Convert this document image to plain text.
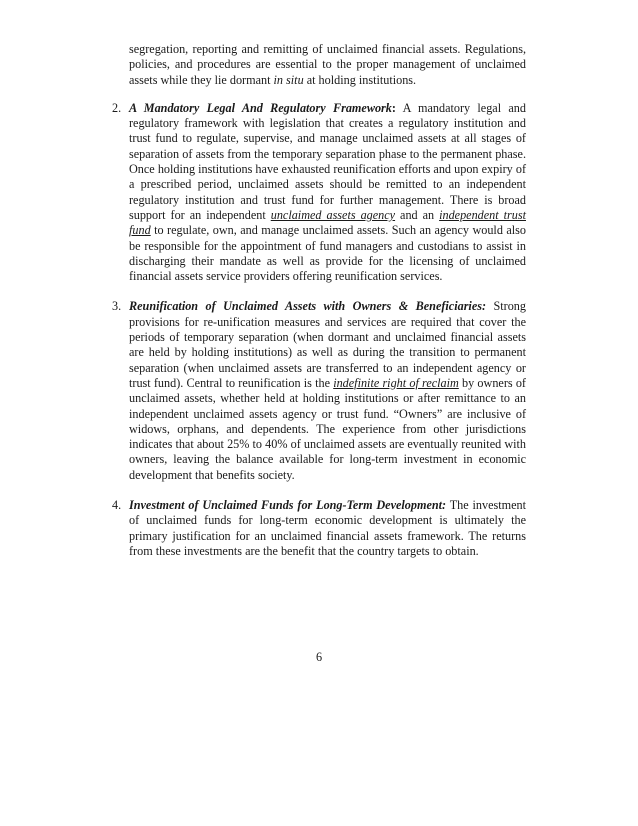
segregation, reporting and remitting of unclaimed financial assets. Regulations, policies, and procedures are essential to the proper management of unclaimed assets while they lie dormant in situ at holding institutions.

2. A Mandatory Legal And Regulatory Framework: A mandatory legal and regulatory framework with legislation that creates a regulatory institution and trust fund to regulate, supervise, and manage unclaimed assets at all stages of separation of assets from the temporary separation phase to the permanent phase. Once holding institutions have exhausted reunification efforts and upon expiry of a prescribed period, unclaimed assets should be remitted to an independent regulatory institution and trust fund for further management. There is broad support for an independent unclaimed assets agency and an independent trust fund to regulate, own, and manage unclaimed assets. Such an agency would also be responsible for the appointment of fund managers and custodians to assist in discharging their mandate as well as provide for the licensing of unclaimed financial assets service providers offering reunification services.

3. Reunification of Unclaimed Assets with Owners & Beneficiaries: Strong provisions for re-unification measures and services are required that cover the periods of temporary separation (when dormant and unclaimed financial assets are held by holding institutions) as well as during the transition to permanent separation (when unclaimed assets are transferred to an independent agency or trust fund). Central to reunification is the indefinite right of reclaim by owners of unclaimed assets, whether held at holding institutions or after remittance to an independent unclaimed assets agency or trust fund. “Owners” are inclusive of widows, orphans, and dependents. The experience from other jurisdictions indicates that about 25% to 40% of unclaimed assets are eventually reunited with owners, leaving the balance available for long-term investment in economic development that benefits society.

4. Investment of Unclaimed Funds for Long-Term Development: The investment of unclaimed funds for long-term economic development is ultimately the primary justification for an unclaimed financial assets framework. The returns from these investments are the benefit that the country targets to obtain.

6
